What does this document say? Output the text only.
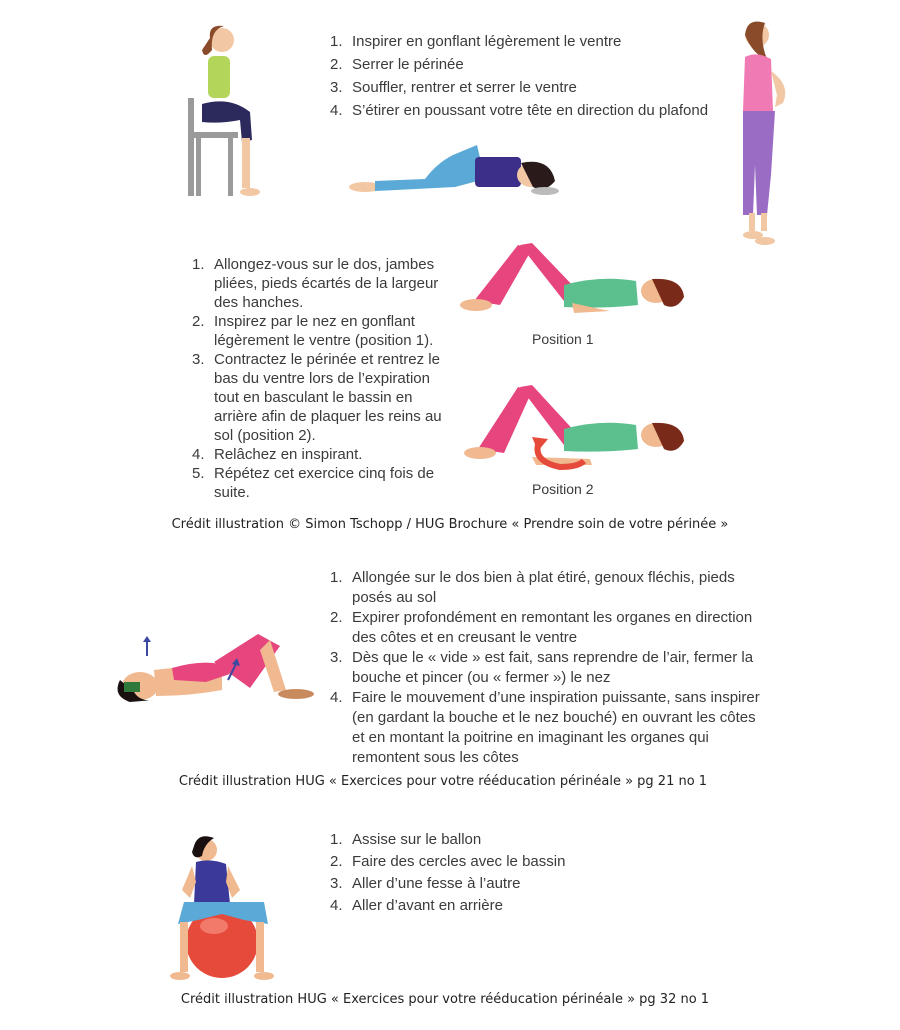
1. Inspirer en gonflant légèrement le ventre
2. Serrer le périnée
3. Souffler, rentrer et serrer le ventre
4. S’étirer en poussant votre tête en direction du plafond
1. Allongez-vous sur le dos, jambes pliées, pieds écartés de la largeur des hanches.
2. Inspirez par le nez en gonflant légèrement le ventre (position 1).
3. Contractez le périnée et rentrez le bas du ventre lors de l’expiration tout en basculant le bassin en arrière afin de plaquer les reins au sol (position 2).
4. Relâchez en inspirant.
5. Répétez cet exercice cinq fois de suite.
Position 1
Position 2
Crédit illustration © Simon Tschopp / HUG Brochure « Prendre soin de votre périnée »
1. Allongée sur le dos bien à plat étiré, genoux fléchis, pieds posés au sol
2. Expirer profondément en remontant les organes en direction des côtes et en creusant le ventre
3. Dès que le « vide » est fait, sans reprendre de l’air, fermer la bouche et pincer (ou « fermer ») le nez
4. Faire le mouvement d’une inspiration puissante, sans inspirer (en gardant la bouche et le nez bouché) en ouvrant les côtes et en montant la poitrine en imaginant les organes qui remontent sous les côtes
Crédit illustration HUG « Exercices pour votre rééducation périnéale » pg 21 no 1
1. Assise sur le ballon
2. Faire des cercles avec le bassin
3. Aller d’une fesse à l’autre
4. Aller d’avant en arrière
Crédit illustration HUG « Exercices pour votre rééducation périnéale » pg 32 no 1
